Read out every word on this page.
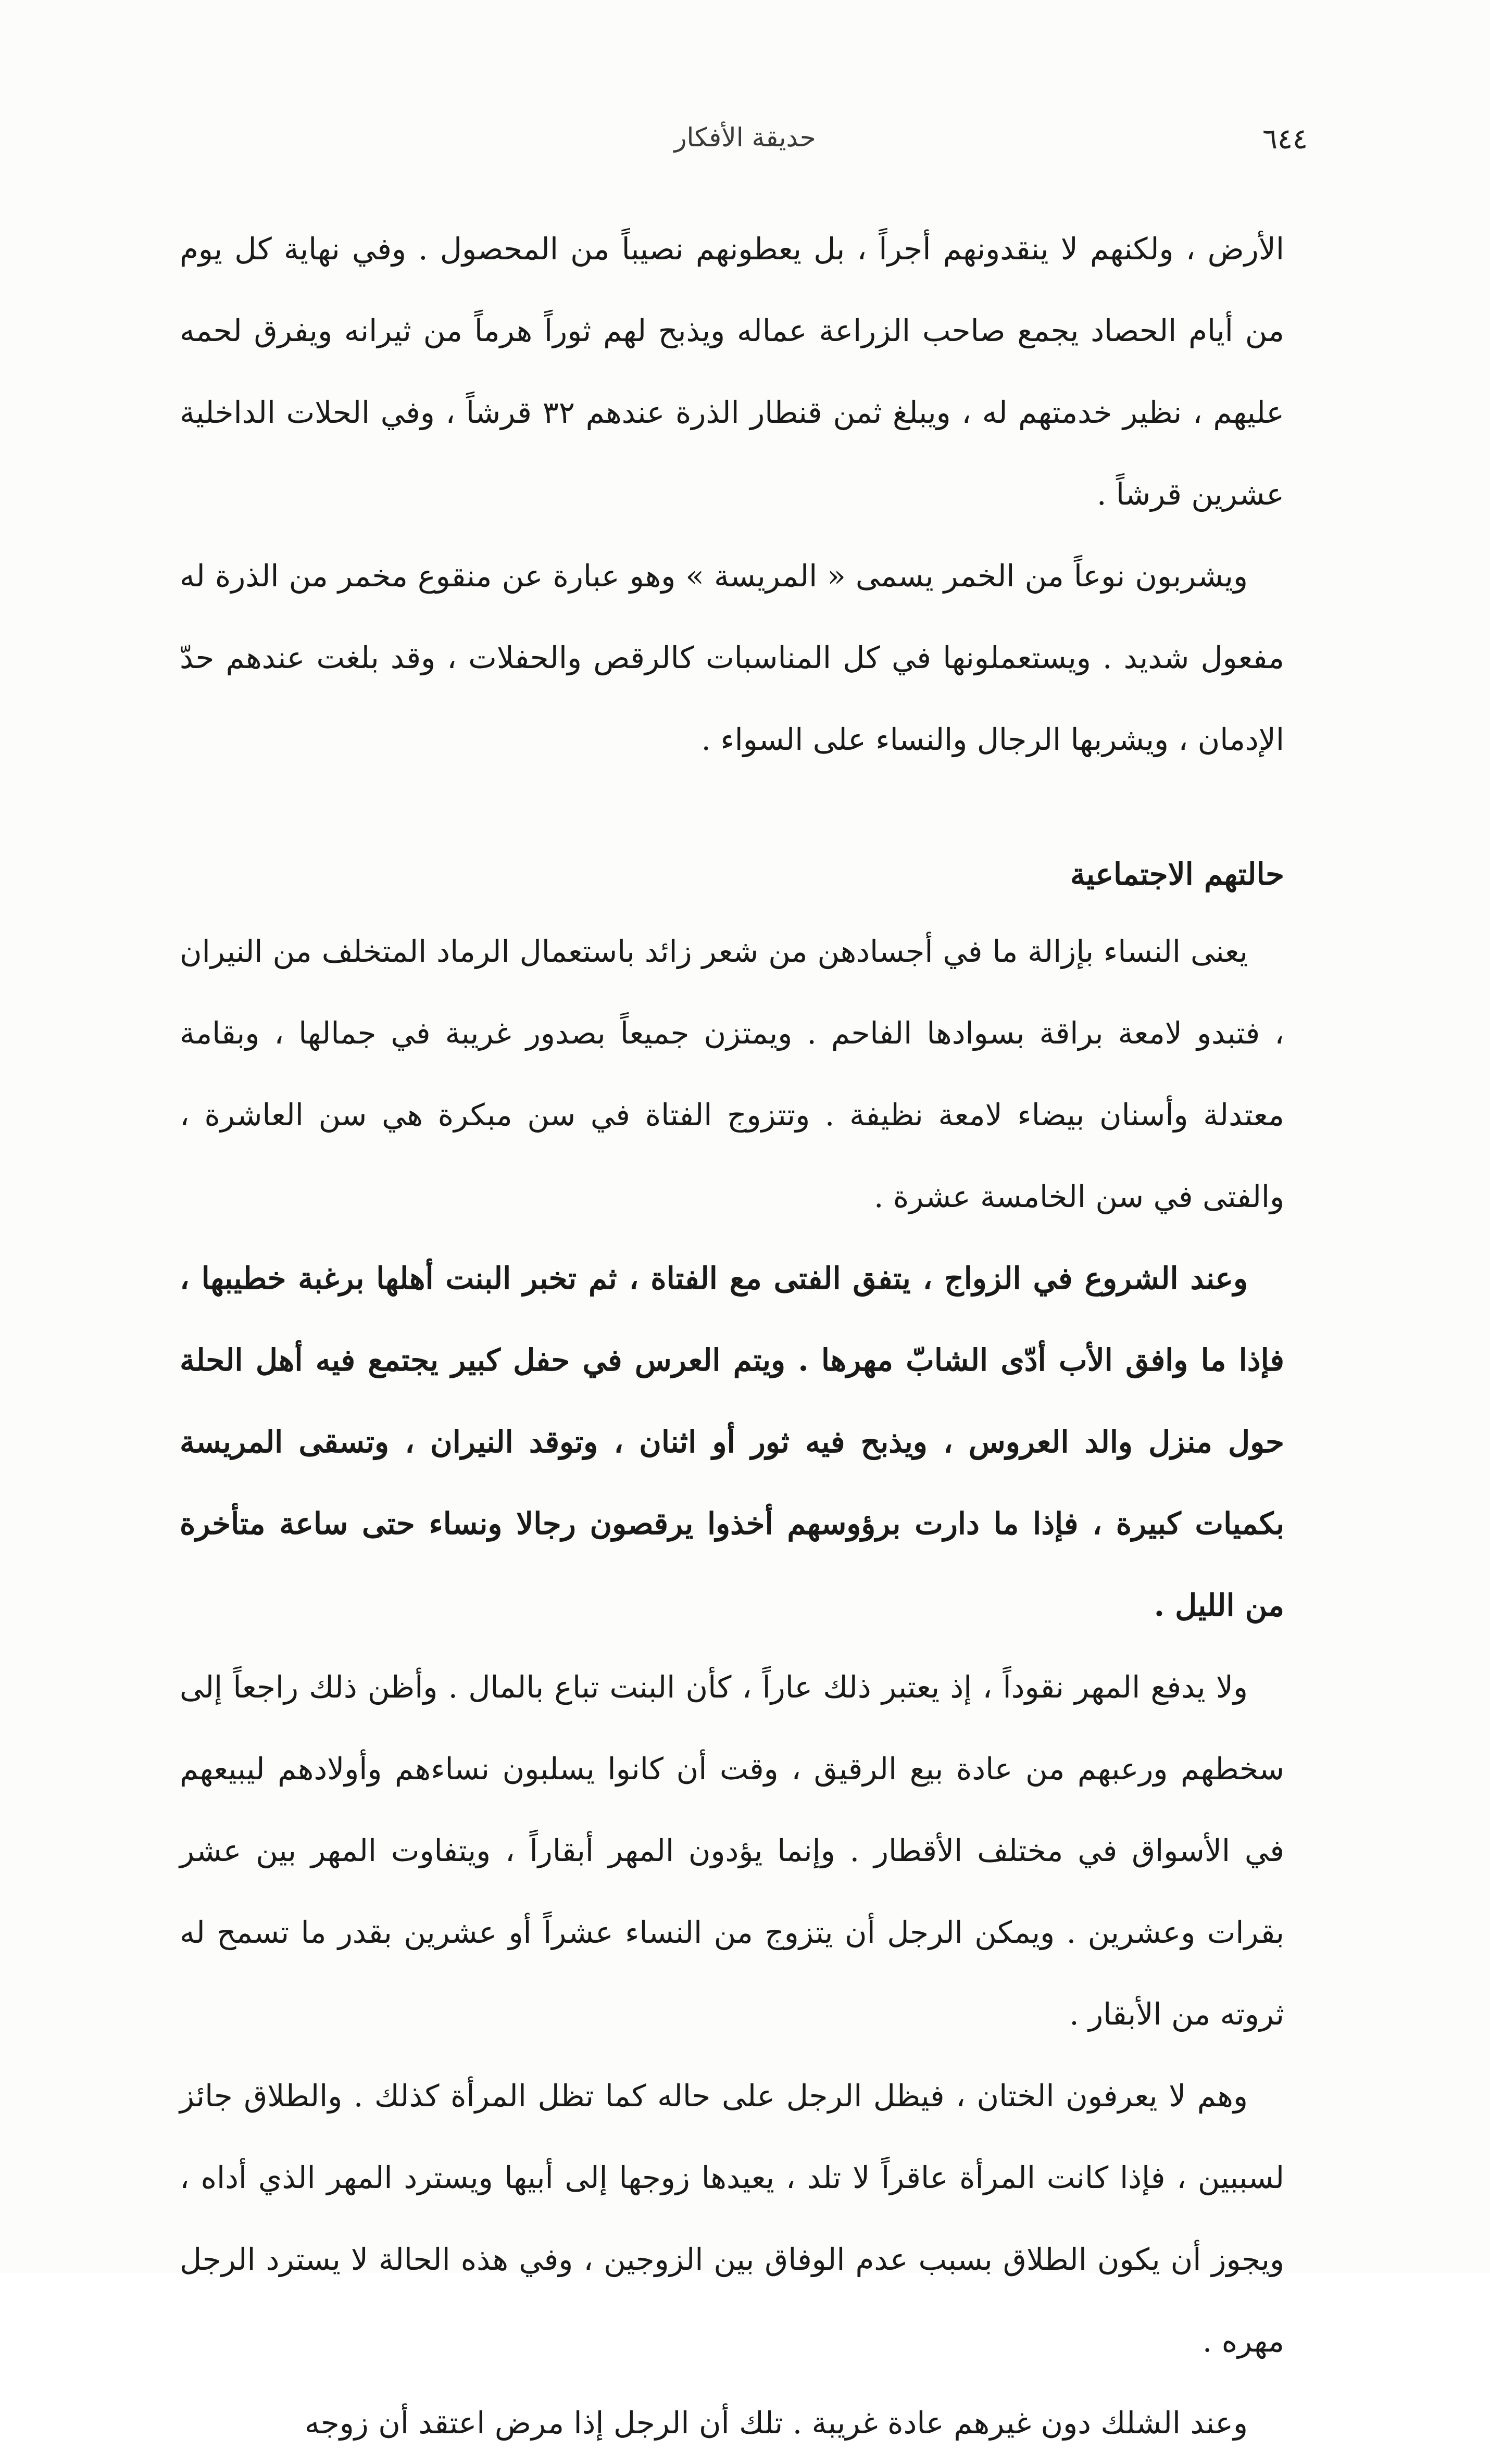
٦٤٤
حديقة الأفكار

الأرض ، ولكنهم لا ينقدونهم أجراً ، بل يعطونهم نصيباً من المحصول . وفي نهاية كل يوم من أيام الحصاد يجمع صاحب الزراعة عماله ويذبح لهم ثوراً هرماً من ثيرانه ويفرق لحمه عليهم ، نظير خدمتهم له ، ويبلغ ثمن قنطار الذرة عندهم ٣٢ قرشاً ، وفي الحلات الداخلية عشرين قرشاً .

ويشربون نوعاً من الخمر يسمى « المريسة » وهو عبارة عن منقوع مخمر من الذرة له مفعول شديد . ويستعملونها في كل المناسبات كالرقص والحفلات ، وقد بلغت عندهم حدّ الإدمان ، ويشربها الرجال والنساء على السواء .

حالتهم الاجتماعية

يعنى النساء بإزالة ما في أجسادهن من شعر زائد باستعمال الرماد المتخلف من النيران ، فتبدو لامعة براقة بسوادها الفاحم . ويمتزن جميعاً بصدور غريبة في جمالها ، وبقامة معتدلة وأسنان بيضاء لامعة نظيفة . وتتزوج الفتاة في سن مبكرة هي سن العاشرة ، والفتى في سن الخامسة عشرة .

وعند الشروع في الزواج ، يتفق الفتى مع الفتاة ، ثم تخبر البنت أهلها برغبة خطيبها ، فإذا ما وافق الأب أدّى الشابّ مهرها . ويتم العرس في حفل كبير يجتمع فيه أهل الحلة حول منزل والد العروس ، ويذبح فيه ثور أو اثنان ، وتوقد النيران ، وتسقى المريسة بكميات كبيرة ، فإذا ما دارت برؤوسهم أخذوا يرقصون رجالا ونساء حتى ساعة متأخرة من الليل .

ولا يدفع المهر نقوداً ، إذ يعتبر ذلك عاراً ، كأن البنت تباع بالمال . وأظن ذلك راجعاً إلى سخطهم ورعبهم من عادة بيع الرقيق ، وقت أن كانوا يسلبون نساءهم وأولادهم ليبيعهم في الأسواق في مختلف الأقطار . وإنما يؤدون المهر أبقاراً ، ويتفاوت المهر بين عشر بقرات وعشرين . ويمكن الرجل أن يتزوج من النساء عشراً أو عشرين بقدر ما تسمح له ثروته من الأبقار .

وهم لا يعرفون الختان ، فيظل الرجل على حاله كما تظل المرأة كذلك . والطلاق جائز لسببين ، فإذا كانت المرأة عاقراً لا تلد ، يعيدها زوجها إلى أبيها ويسترد المهر الذي أداه ، ويجوز أن يكون الطلاق بسبب عدم الوفاق بين الزوجين ، وفي هذه الحالة لا يسترد الرجل مهره .

وعند الشلك دون غيرهم عادة غريبة . تلك أن الرجل إذا مرض اعتقد أن زوجه
